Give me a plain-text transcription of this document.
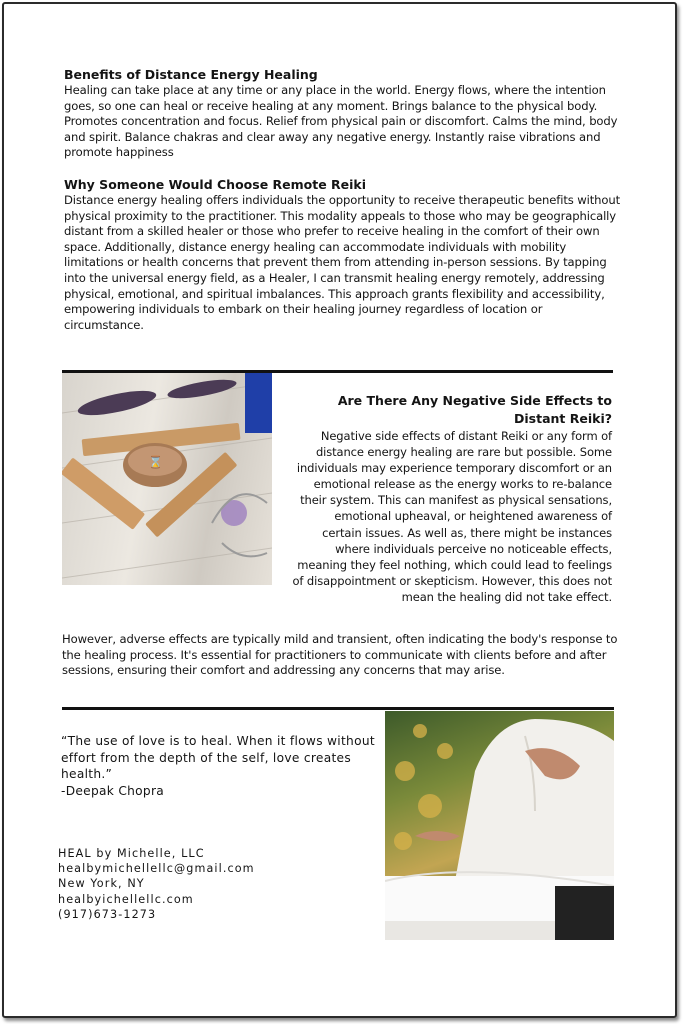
Benefits of Distance Energy Healing

Healing can take place at any time or any place in the world. Energy flows, where the intention goes, so one can heal or receive healing at any moment. Brings balance to the physical body. Promotes concentration and focus. Relief from physical pain or discomfort. Calms the mind, body and spirit. Balance chakras and clear away any negative energy. Instantly raise vibrations and promote happiness

Why Someone Would Choose Remote Reiki

Distance energy healing offers individuals the opportunity to receive therapeutic benefits without physical proximity to the practitioner. This modality appeals to those who may be geographically distant from a skilled healer or those who prefer to receive healing in the comfort of their own space. Additionally, distance energy healing can accommodate individuals with mobility limitations or health concerns that prevent them from attending in-person sessions. By tapping into the universal energy field, as a Healer, I can transmit healing energy remotely, addressing physical, emotional, and spiritual imbalances. This approach grants flexibility and accessibility, empowering individuals to embark on their healing journey regardless of location or circumstance.

⌛
Are There Any Negative Side Effects to Distant Reiki?

Negative side effects of distant Reiki or any form of distance energy healing are rare but possible. Some individuals may experience temporary discomfort or an emotional release as the energy works to re-balance their system. This can manifest as physical sensations, emotional upheaval, or heightened awareness of certain issues. As well as, there might be instances where individuals perceive no noticeable effects, meaning they feel nothing, which could lead to feelings of disappointment or skepticism. However, this does not mean the healing did not take effect.

However, adverse effects are typically mild and transient, often indicating the body's response to the healing process. It's essential for practitioners to communicate with clients before and after sessions, ensuring their comfort and addressing any concerns that may arise.

“The use of love is to heal. When it flows without effort from the depth of the self, love creates health.”
-Deepak Chopra
HEAL by Michelle, LLC
healbymichellellc@gmail.com
New York, NY
healbyichellellc.com
(917)673-1273
